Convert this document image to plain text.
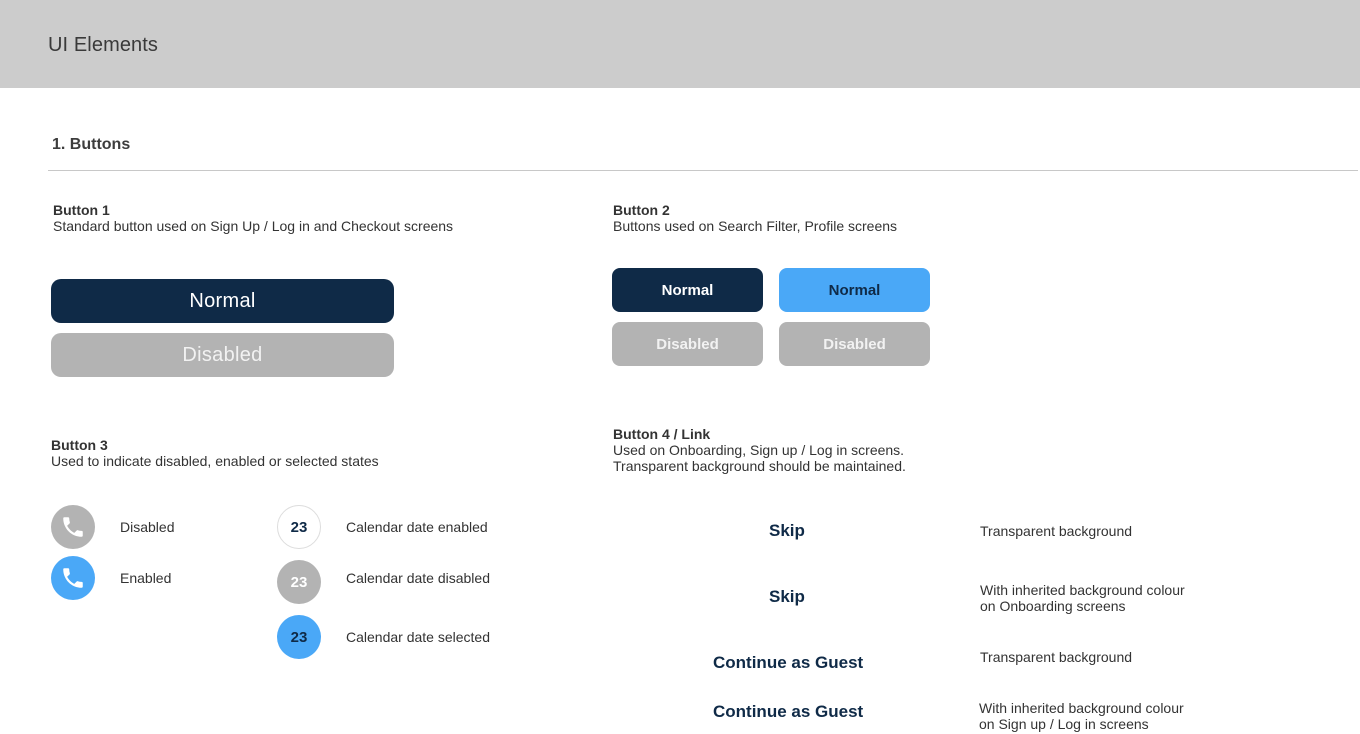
UI Elements
1. Buttons
Button 1
Standard button used on Sign Up / Log in and Checkout screens
Normal
Disabled
Button 2
Buttons used on Search Filter, Profile screens
Normal	Normal
Disabled	Disabled
Button 3
Used to indicate disabled, enabled or selected states
Disabled
Enabled
23	Calendar date enabled
23	Calendar date disabled
23	Calendar date selected
Button 4 / Link
Used on Onboarding, Sign up / Log in screens.
Transparent background should be maintained.
Skip	Transparent background
Skip	With inherited background colour
on Onboarding screens
Continue as Guest	Transparent background
Continue as Guest	With inherited background colour
on Sign up / Log in screens
